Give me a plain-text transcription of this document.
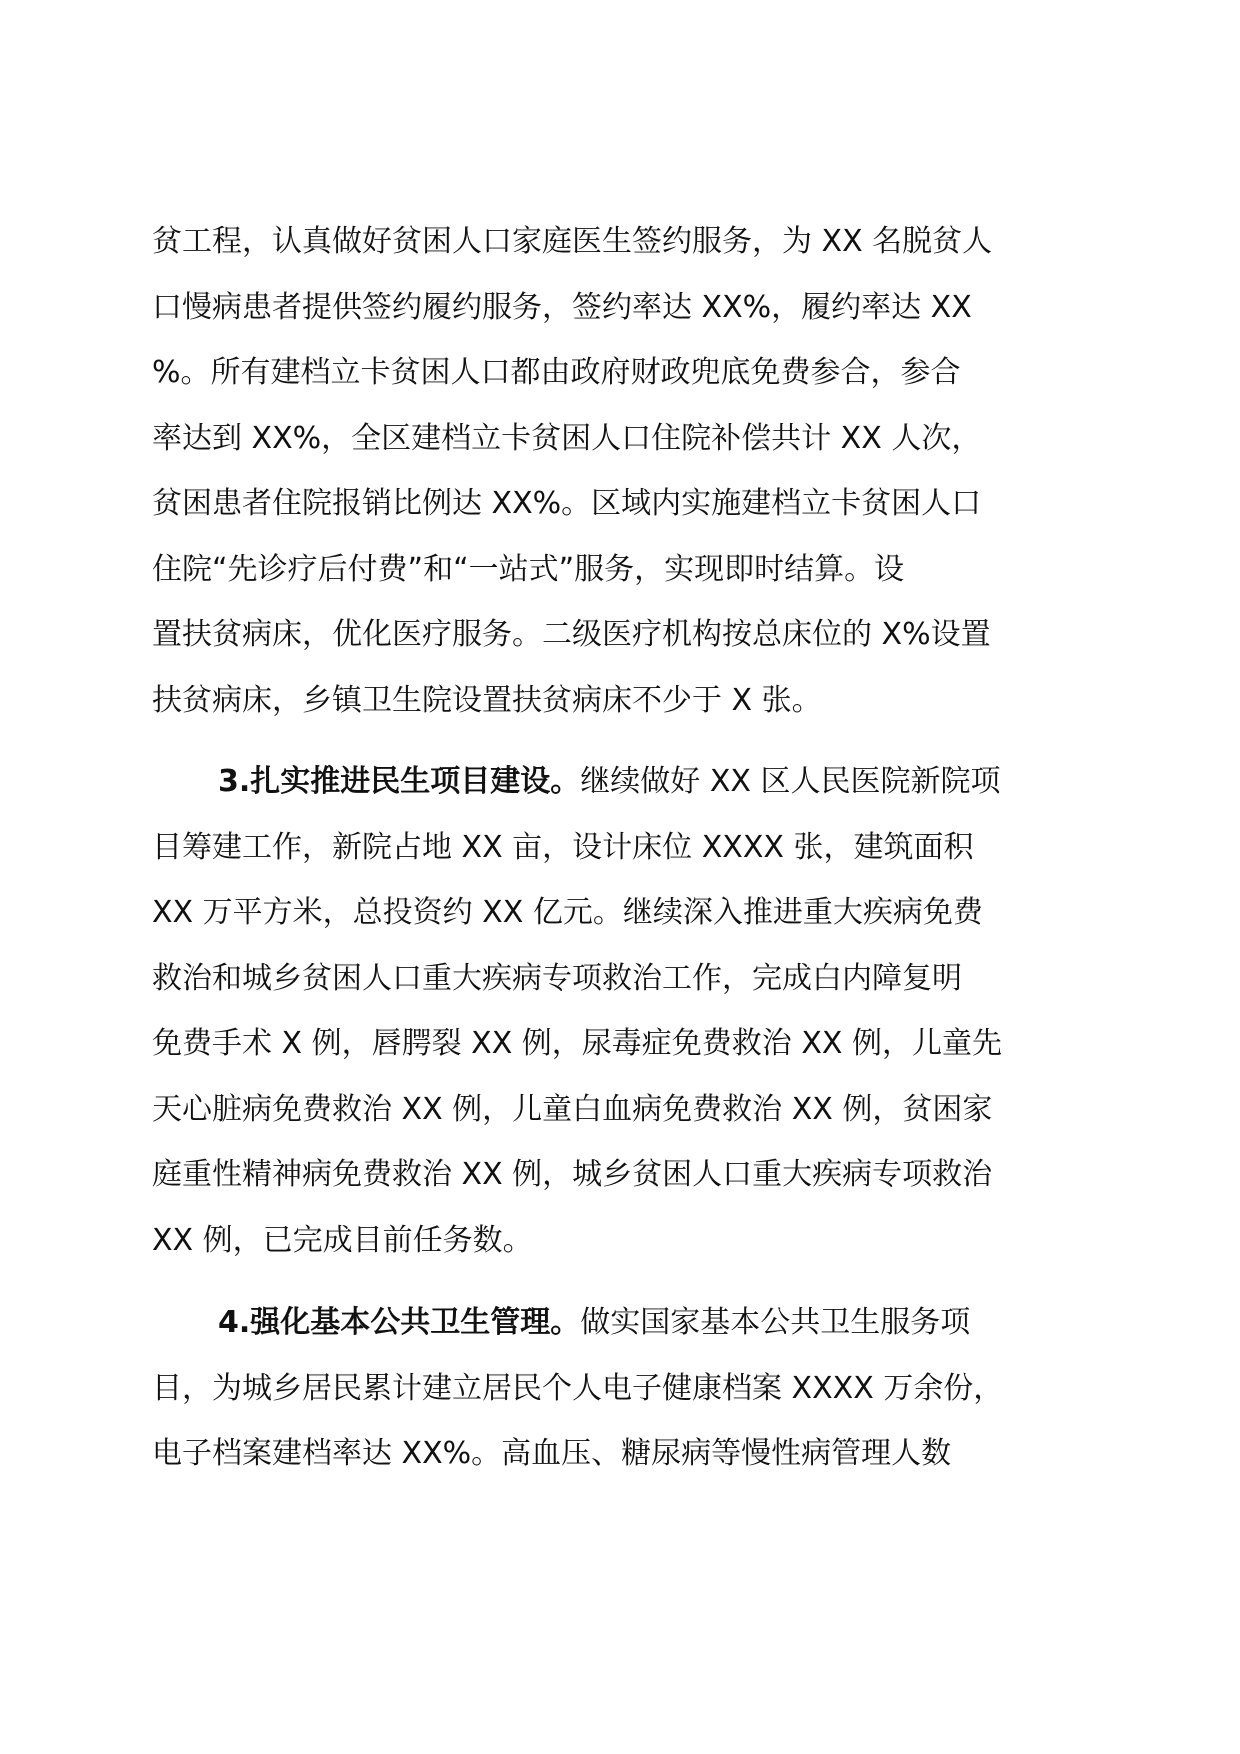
贫工程，认真做好贫困人口家庭医生签约服务，为 XX 名脱贫人
口慢病患者提供签约履约服务，签约率达 XX%，履约率达 XX
%。所有建档立卡贫困人口都由政府财政兜底免费参合，参合
率达到 XX%，全区建档立卡贫困人口住院补偿共计 XX 人次，
贫困患者住院报销比例达 XX%。区域内实施建档立卡贫困人口
住院“先诊疗后付费”和“一站式”服务，实现即时结算。设
置扶贫病床，优化医疗服务。二级医疗机构按总床位的 X%设置
扶贫病床，乡镇卫生院设置扶贫病床不少于 X 张。
3.扎实推进民生项目建设。继续做好 XX 区人民医院新院项
目筹建工作，新院占地 XX 亩，设计床位 XXXX 张，建筑面积
XX 万平方米，总投资约 XX 亿元。继续深入推进重大疾病免费
救治和城乡贫困人口重大疾病专项救治工作，完成白内障复明
免费手术 X 例，唇腭裂 XX 例，尿毒症免费救治 XX 例，儿童先
天心脏病免费救治 XX 例，儿童白血病免费救治 XX 例，贫困家
庭重性精神病免费救治 XX 例，城乡贫困人口重大疾病专项救治
XX 例，已完成目前任务数。
4.强化基本公共卫生管理。做实国家基本公共卫生服务项
目，为城乡居民累计建立居民个人电子健康档案 XXXX 万余份，
电子档案建档率达 XX%。高血压、糖尿病等慢性病管理人数
